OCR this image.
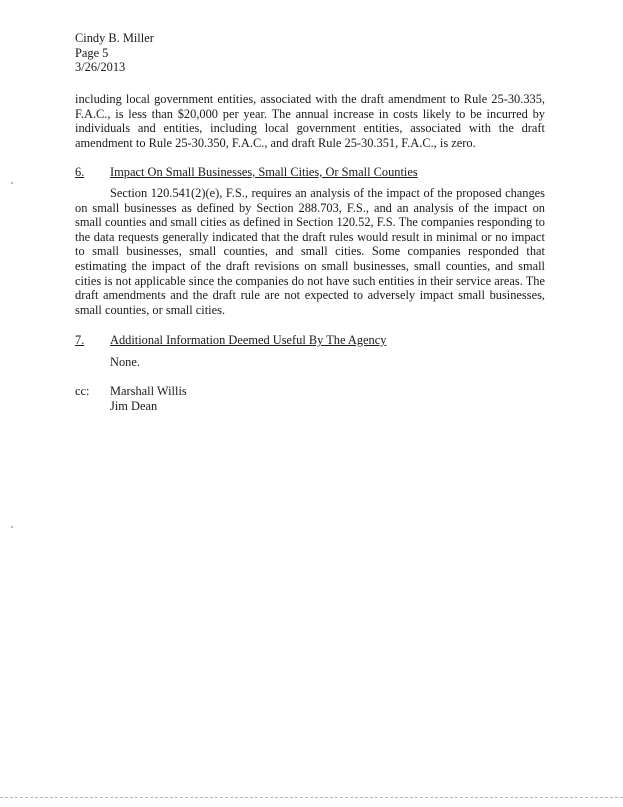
Cindy B. Miller
Page 5
3/26/2013
including local government entities, associated with the draft amendment to Rule 25-30.335, F.A.C., is less than $20,000 per year. The annual increase in costs likely to be incurred by individuals and entities, including local government entities, associated with the draft amendment to Rule 25-30.350, F.A.C., and draft Rule 25-30.351, F.A.C., is zero.
6.	Impact On Small Businesses, Small Cities, Or Small Counties
Section 120.541(2)(e), F.S., requires an analysis of the impact of the proposed changes on small businesses as defined by Section 288.703, F.S., and an analysis of the impact on small counties and small cities as defined in Section 120.52, F.S. The companies responding to the data requests generally indicated that the draft rules would result in minimal or no impact to small businesses, small counties, and small cities. Some companies responded that estimating the impact of the draft revisions on small businesses, small counties, and small cities is not applicable since the companies do not have such entities in their service areas. The draft amendments and the draft rule are not expected to adversely impact small businesses, small counties, or small cities.
7.	Additional Information Deemed Useful By The Agency
None.
cc: Marshall Willis
Jim Dean
